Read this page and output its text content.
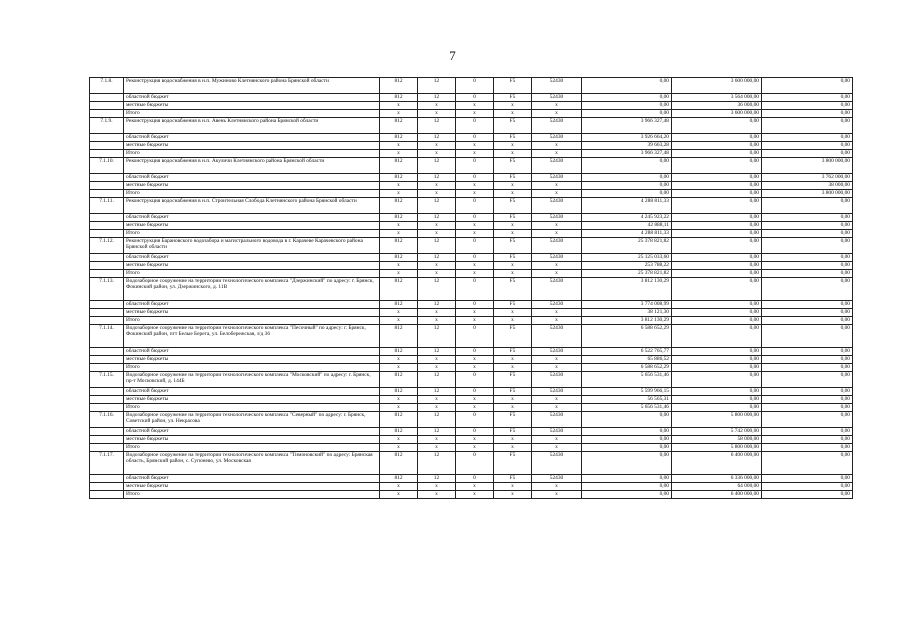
7
7.1.8.	Реконструкция водоснабжения в н.п. Мужиново Клетнянского района Брянской области	812	12	0	F5	52430	0,00	3 600 000,00	0,00
	областной бюджет	812	12	0	F5	52430	0,00	3 564 000,00	0,00
	местные бюджеты	x	x	x	x	x	0,00	36 000,00	0,00
	Итого	x	x	x	x	x	0,00	3 600 000,00	0,00
7.1.9.	Реконструкция водоснабжения в н.п. Авень Клетнянского района Брянской области	812	12	0	F5	52430	3 966 327,48	0,00	0,00
	областной бюджет	812	12	0	F5	52430	3 926 664,20	0,00	0,00
	местные бюджеты	x	x	x	x	x	39 663,28	0,00	0,00
	Итого	x	x	x	x	x	3 966 327,48	0,00	0,00
7.1.10.	Реконструкция водоснабжения в н.п. Акуличи Клетнянского района Брянской области	812	12	0	F5	52430	0,00	0,00	3 800 000,00
	областной бюджет	812	12	0	F5	52430	0,00	0,00	3 762 000,00
	местные бюджеты	x	x	x	x	x	0,00	0,00	38 000,00
	Итого	x	x	x	x	x	0,00	0,00	3 800 000,00
7.1.11.	Реконструкция водоснабжения в н.п. Строительная Слобода Клетнянского района Брянской области	812	12	0	F5	52430	4 288 811,33	0,00	0,00
	областной бюджет	812	12	0	F5	52430	4 245 923,22	0,00	0,00
	местные бюджеты	x	x	x	x	x	42 888,11	0,00	0,00
	Итого	x	x	x	x	x	4 288 811,33	0,00	0,00
7.1.12.	Реконструкция Барановского водозабора и магистрального водовода в г. Карачеве Карачевского района Брянской области	812	12	0	F5	52430	25 378 821,82	0,00	0,00
	областной бюджет	812	12	0	F5	52430	25 125 033,60	0,00	0,00
	местные бюджеты	x	x	x	x	x	253 788,22	0,00	0,00
	Итого	x	x	x	x	x	25 378 821,82	0,00	0,00
7.1.13.	Водозаборное сооружение на территории технологического комплекса "Дзержинский" по адресу: г. Брянск, Фокинский район, ул. Дзержинского, д. 11В	812	12	0	F5	52430	3 812 130,29	0,00	0,00
	областной бюджет	812	12	0	F5	52430	3 774 008,99	0,00	0,00
	местные бюджеты	x	x	x	x	x	38 121,30	0,00	0,00
	Итого	x	x	x	x	x	3 812 130,29	0,00	0,00
7.1.14.	Водозаборное сооружение на территории технологического комплекса "Песочный" по адресу: г. Брянск, Фокинский район, пгт Белые Берега, ул. Белобережская, з/д 36	812	12	0	F5	52430	6 588 652,29	0,00	0,00
	областной бюджет	812	12	0	F5	52430	6 522 765,77	0,00	0,00
	местные бюджеты	x	x	x	x	x	65 886,52	0,00	0,00
	Итого	x	x	x	x	x	6 588 652,29	0,00	0,00
7.1.15.	Водозаборное сооружение на территории технологического комплекса "Московский" по адресу: г. Брянск, пр-т Московский, д. 144Б	812	12	0	F5	52430	5 656 531,46	0,00	0,00
	областной бюджет	812	12	0	F5	52430	5 599 966,15	0,00	0,00
	местные бюджеты	x	x	x	x	x	56 565,31	0,00	0,00
	Итого	x	x	x	x	x	5 656 531,46	0,00	0,00
7.1.16.	Водозаборное сооружение на территории технологического комплекса "Северный" по адресу: г. Брянск, Советский район, ул. Некрасова	812	12	0	F5	52430	0,00	5 800 000,00	0,00
	областной бюджет	812	12	0	F5	52430	0,00	5 742 000,00	0,00
	местные бюджеты	x	x	x	x	x	0,00	58 000,00	0,00
	Итого	x	x	x	x	x	0,00	5 800 000,00	0,00
7.1.17.	Водозаборное сооружение на территории технологического комплекса "Тимоновский" по адресу: Брянская область, Брянский район, с. Супонево, ул. Московская	812	12	0	F5	52430	0,00	6 400 000,00	0,00
	областной бюджет	812	12	0	F5	52430	0,00	6 336 000,00	0,00
	местные бюджеты	x	x	x	x	x	0,00	64 000,00	0,00
	Итого	x	x	x	x	x	0,00	6 400 000,00	0,00
